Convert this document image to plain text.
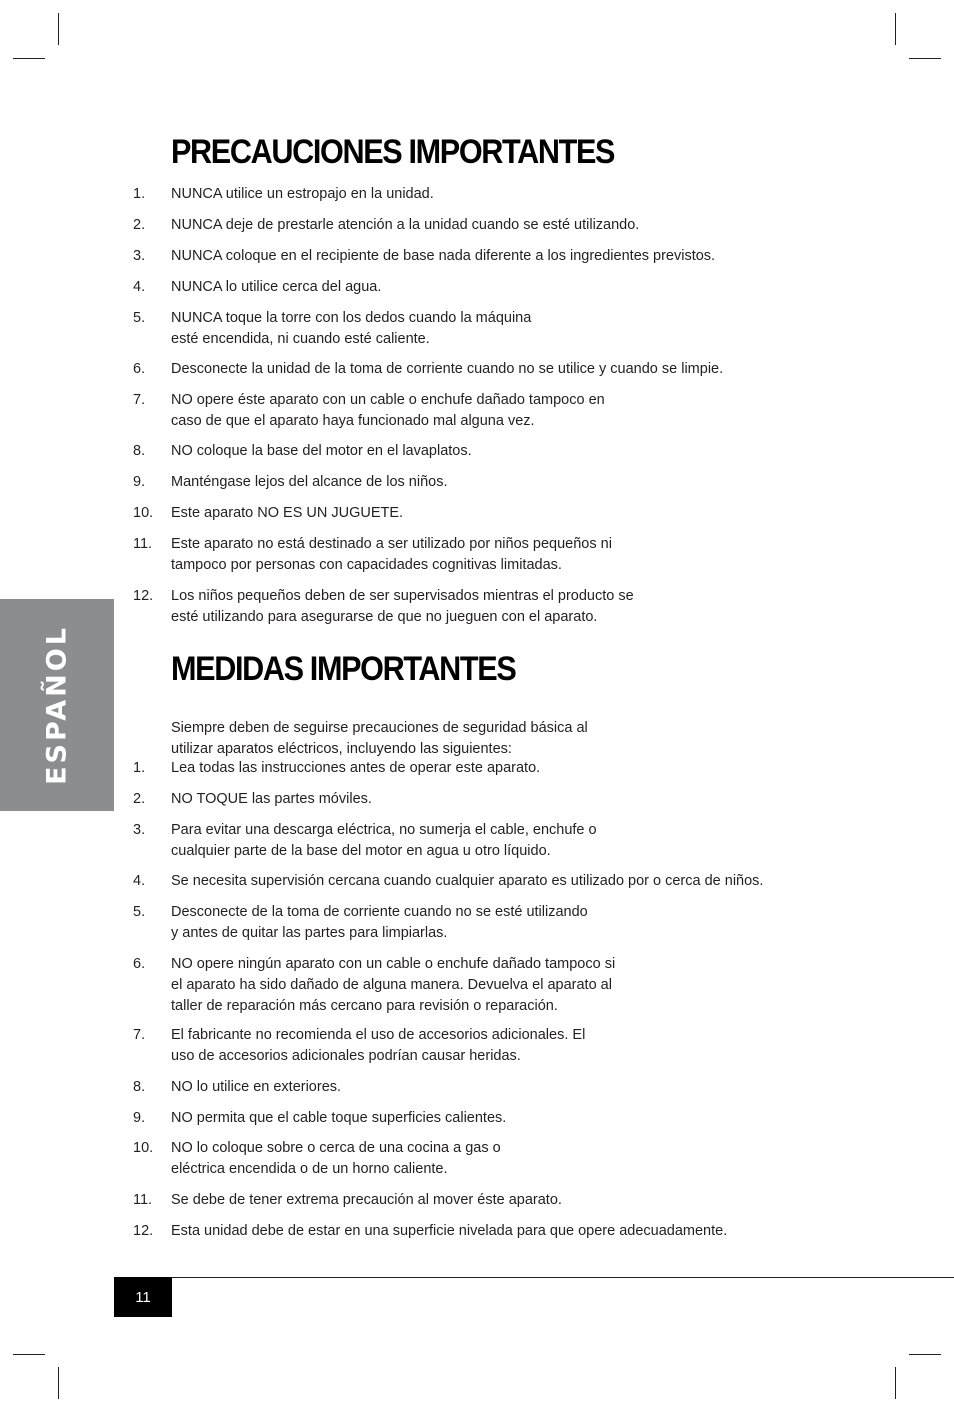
ESPAÑOL
PRECAUCIONES IMPORTANTES
1.	NUNCA utilice un estropajo en la unidad.
2.	NUNCA deje de prestarle atención a la unidad cuando se esté utilizando.
3.	NUNCA coloque en el recipiente de base nada diferente a los ingredientes previstos.
4.	NUNCA lo utilice cerca del agua.
5.	NUNCA toque la torre con los dedos cuando la máquina
esté encendida, ni cuando esté caliente.
6.	Desconecte la unidad de la toma de corriente cuando no se utilice y cuando se limpie.
7.	NO opere éste aparato con un cable o enchufe dañado tampoco en
caso de que el aparato haya funcionado mal alguna vez.
8.	NO coloque la base del motor en el lavaplatos.
9.	Manténgase lejos del alcance de los niños.
10.	Este aparato NO ES UN JUGUETE.
11.	Este aparato no está destinado a ser utilizado por niños pequeños ni
tampoco por personas con capacidades cognitivas limitadas.
12.	Los niños pequeños deben de ser supervisados mientras el producto se
esté utilizando para asegurarse de que no jueguen con el aparato.
MEDIDAS IMPORTANTES

Siempre deben de seguirse precauciones de seguridad básica al
utilizar aparatos eléctricos, incluyendo las siguientes:

1.	Lea todas las instrucciones antes de operar este aparato.
2.	NO TOQUE las partes móviles.
3.	Para evitar una descarga eléctrica, no sumerja el cable, enchufe o
cualquier parte de la base del motor en agua u otro líquido.
4.	Se necesita supervisión cercana cuando cualquier aparato es utilizado por o cerca de niños.
5.	Desconecte de la toma de corriente cuando no se esté utilizando
y antes de quitar las partes para limpiarlas.
6.	NO opere ningún aparato con un cable o enchufe dañado tampoco si
el aparato ha sido dañado de alguna manera. Devuelva el aparato al
taller de reparación más cercano para revisión o reparación.
7.	El fabricante no recomienda el uso de accesorios adicionales. El
uso de accesorios adicionales podrían causar heridas.
8.	NO lo utilice en exteriores.
9.	NO permita que el cable toque superficies calientes.
10.	NO lo coloque sobre o cerca de una cocina a gas o
eléctrica encendida o de un horno caliente.
11.	Se debe de tener extrema precaución al mover éste aparato.
12.	Esta unidad debe de estar en una superficie nivelada para que opere adecuadamente.
11
